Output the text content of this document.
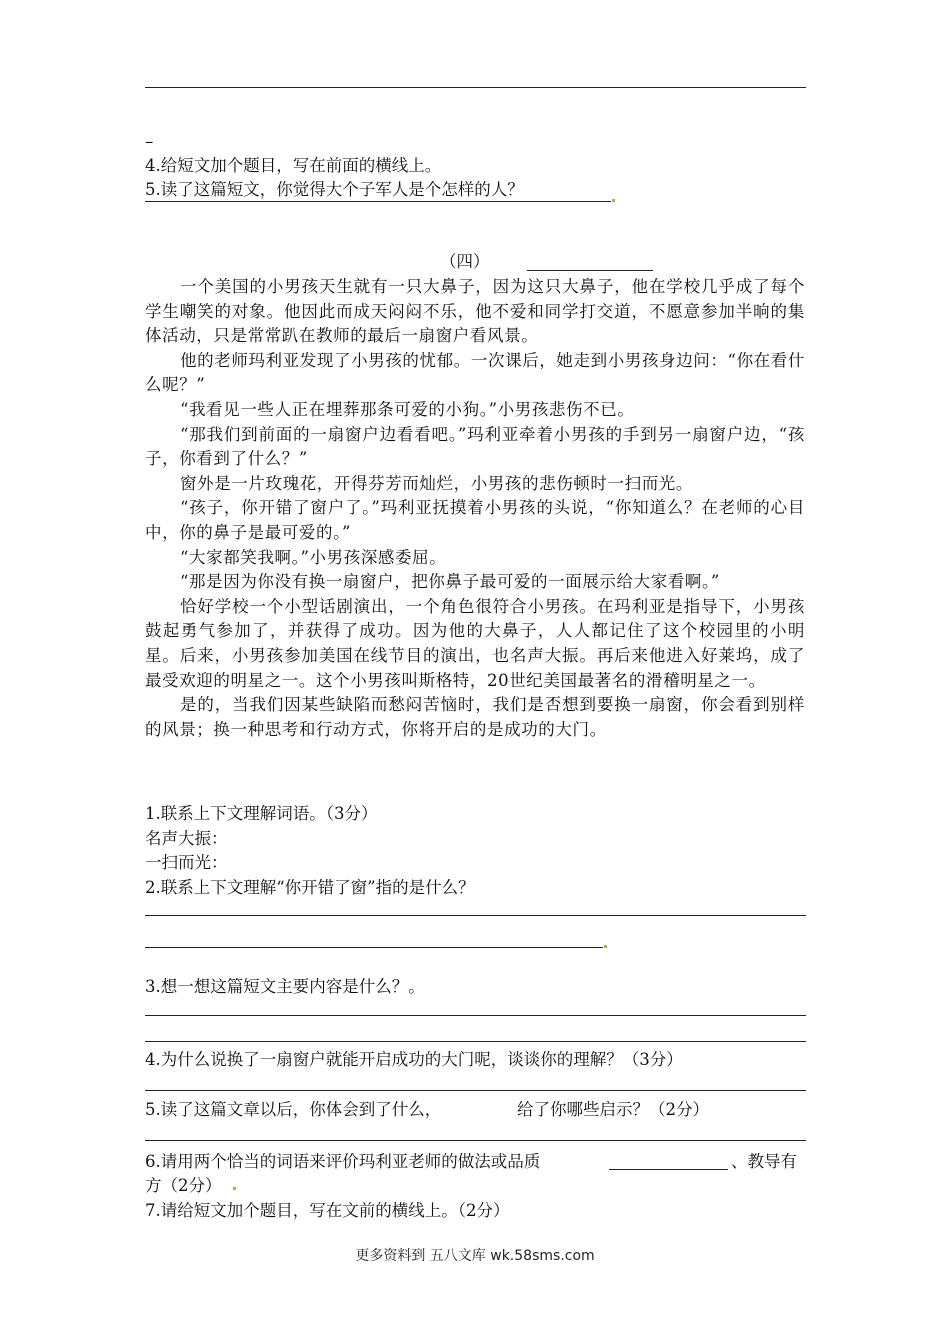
–
4.给短文加个题目，写在前面的横线上。
5.读了这篇短文，你觉得大个子军人是个怎样的人？
（四）
一个美国的小男孩天生就有一只大鼻子，因为这只大鼻子，他在学校几乎成了每个学生嘲笑的对象。他因此而成天闷闷不乐，他不爱和同学打交道，不愿意参加半晌的集体活动，只是常常趴在教师的最后一扇窗户看风景。
他的老师玛利亚发现了小男孩的忧郁。一次课后，她走到小男孩身边问：“你在看什么呢？”
“我看见一些人正在埋葬那条可爱的小狗。”小男孩悲伤不已。
“那我们到前面的一扇窗户边看看吧。”玛利亚牵着小男孩的手到另一扇窗户边，“孩子，你看到了什么？”
窗外是一片玫瑰花，开得芬芳而灿烂，小男孩的悲伤顿时一扫而光。
“孩子，你开错了窗户了。”玛利亚抚摸着小男孩的头说，“你知道么？在老师的心目中，你的鼻子是最可爱的。”
“大家都笑我啊。”小男孩深感委屈。
“那是因为你没有换一扇窗户，把你鼻子最可爱的一面展示给大家看啊。”
恰好学校一个小型话剧演出，一个角色很符合小男孩。在玛利亚是指导下，小男孩鼓起勇气参加了，并获得了成功。因为他的大鼻子，人人都记住了这个校园里的小明星。后来，小男孩参加美国在线节目的演出，也名声大振。再后来他进入好莱坞，成了最受欢迎的明星之一。这个小男孩叫斯格特，20世纪美国最著名的滑稽明星之一。
是的，当我们因某些缺陷而愁闷苦恼时，我们是否想到要换一扇窗，你会看到别样的风景；换一种思考和行动方式，你将开启的是成功的大门。
1.联系上下文理解词语。（3分）
名声大振：
一扫而光：
2.联系上下文理解“你开错了窗”指的是什么？
3.想一想这篇短文主要内容是什么？。
4.为什么说换了一扇窗户就能开启成功的大门呢，谈谈你的理解？（3分）
5.读了这篇文章以后，你体会到了什么，	给了你哪些启示？（2分）
6.请用两个恰当的词语来评价玛利亚老师的做法或品质	、教导有
方（2分）
7.请给短文加个题目，写在文前的横线上。（2分）
更多资料到 五八文库 wk.58sms.com
